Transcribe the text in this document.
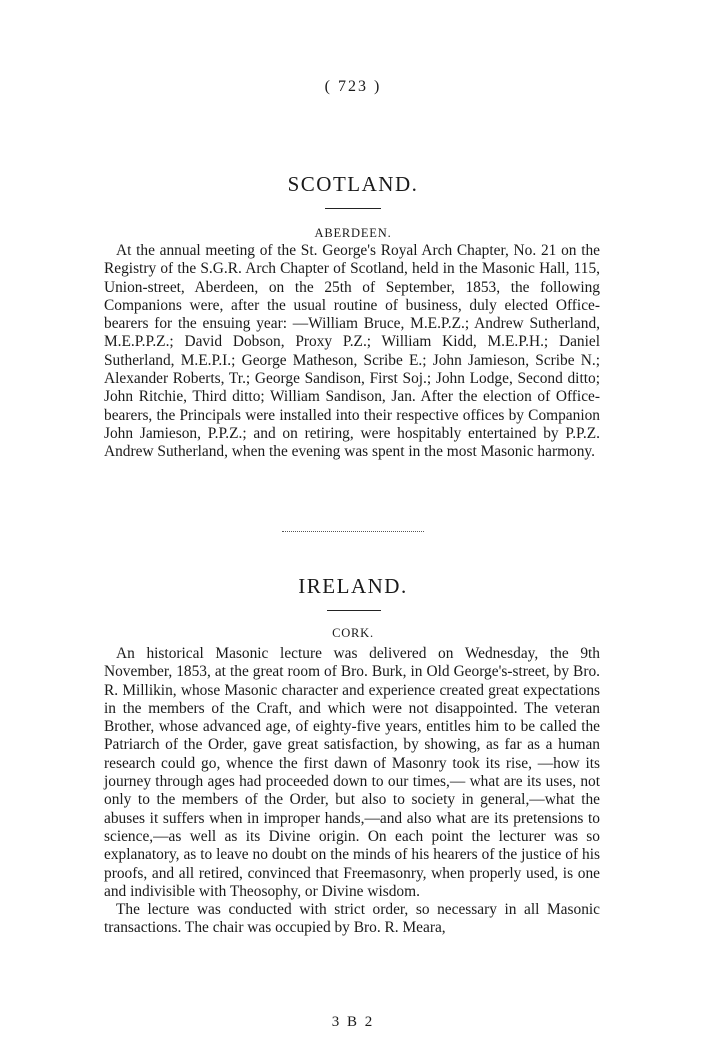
( 723 )
SCOTLAND.
ABERDEEN.

At the annual meeting of the St. George's Royal Arch Chapter, No. 21 on the Registry of the S.G.R. Arch Chapter of Scotland, held in the Masonic Hall, 115, Union-street, Aberdeen, on the 25th of September, 1853, the following Companions were, after the usual routine of business, duly elected Office-bearers for the ensuing year: —William Bruce, M.E.P.Z.; Andrew Sutherland, M.E.P.P.Z.; David Dobson, Proxy P.Z.; William Kidd, M.E.P.H.; Daniel Sutherland, M.E.P.I.; George Matheson, Scribe E.; John Jamieson, Scribe N.; Alexander Roberts, Tr.; George Sandison, First Soj.; John Lodge, Second ditto; John Ritchie, Third ditto; William Sandison, Jan. After the election of Office-bearers, the Principals were installed into their respective offices by Companion John Jamieson, P.P.Z.; and on retiring, were hospitably entertained by P.P.Z. Andrew Sutherland, when the evening was spent in the most Masonic harmony.

IRELAND.
CORK.

An historical Masonic lecture was delivered on Wednesday, the 9th November, 1853, at the great room of Bro. Burk, in Old George's-street, by Bro. R. Millikin, whose Masonic character and experience created great expectations in the members of the Craft, and which were not disappointed. The veteran Brother, whose advanced age, of eighty-five years, entitles him to be called the Patriarch of the Order, gave great satisfaction, by showing, as far as a human research could go, whence the first dawn of Masonry took its rise, —how its journey through ages had proceeded down to our times,— what are its uses, not only to the members of the Order, but also to society in general,—what the abuses it suffers when in improper hands,—and also what are its pretensions to science,—as well as its Divine origin. On each point the lecturer was so explanatory, as to leave no doubt on the minds of his hearers of the justice of his proofs, and all retired, convinced that Freemasonry, when properly used, is one and indivisible with Theosophy, or Divine wisdom.

The lecture was conducted with strict order, so necessary in all Masonic transactions. The chair was occupied by Bro. R. Meara,

3 B 2
